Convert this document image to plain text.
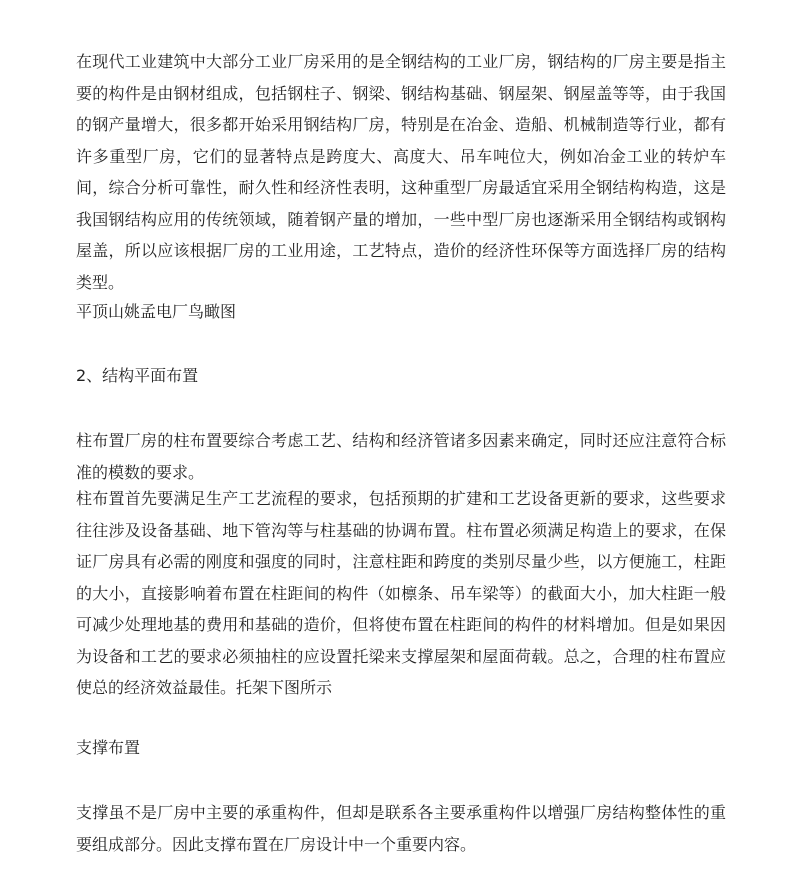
在现代工业建筑中大部分工业厂房采用的是全钢结构的工业厂房，钢结构的厂房主要是指主要的构件是由钢材组成，包括钢柱子、钢梁、钢结构基础、钢屋架、钢屋盖等等，由于我国的钢产量增大，很多都开始采用钢结构厂房，特别是在冶金、造船、机械制造等行业，都有许多重型厂房，它们的显著特点是跨度大、高度大、吊车吨位大，例如冶金工业的转炉车间，综合分析可靠性，耐久性和经济性表明，这种重型厂房最适宜采用全钢结构构造，这是我国钢结构应用的传统领域，随着钢产量的增加，一些中型厂房也逐渐采用全钢结构或钢构屋盖，所以应该根据厂房的工业用途，工艺特点，造价的经济性环保等方面选择厂房的结构类型。

平顶山姚孟电厂鸟瞰图

2、结构平面布置

柱布置厂房的柱布置要综合考虑工艺、结构和经济管诸多因素来确定，同时还应注意符合标准的模数的要求。

柱布置首先要满足生产工艺流程的要求，包括预期的扩建和工艺设备更新的要求，这些要求往往涉及设备基础、地下管沟等与柱基础的协调布置。柱布置必须满足构造上的要求，在保证厂房具有必需的刚度和强度的同时，注意柱距和跨度的类别尽量少些，以方便施工，柱距的大小，直接影响着布置在柱距间的构件（如檩条、吊车梁等）的截面大小，加大柱距一般可减少处理地基的费用和基础的造价，但将使布置在柱距间的构件的材料增加。但是如果因为设备和工艺的要求必须抽柱的应设置托梁来支撑屋架和屋面荷载。总之，合理的柱布置应使总的经济效益最佳。托架下图所示

支撑布置

支撑虽不是厂房中主要的承重构件，但却是联系各主要承重构件以增强厂房结构整体性的重要组成部分。因此支撑布置在厂房设计中一个重要内容。
